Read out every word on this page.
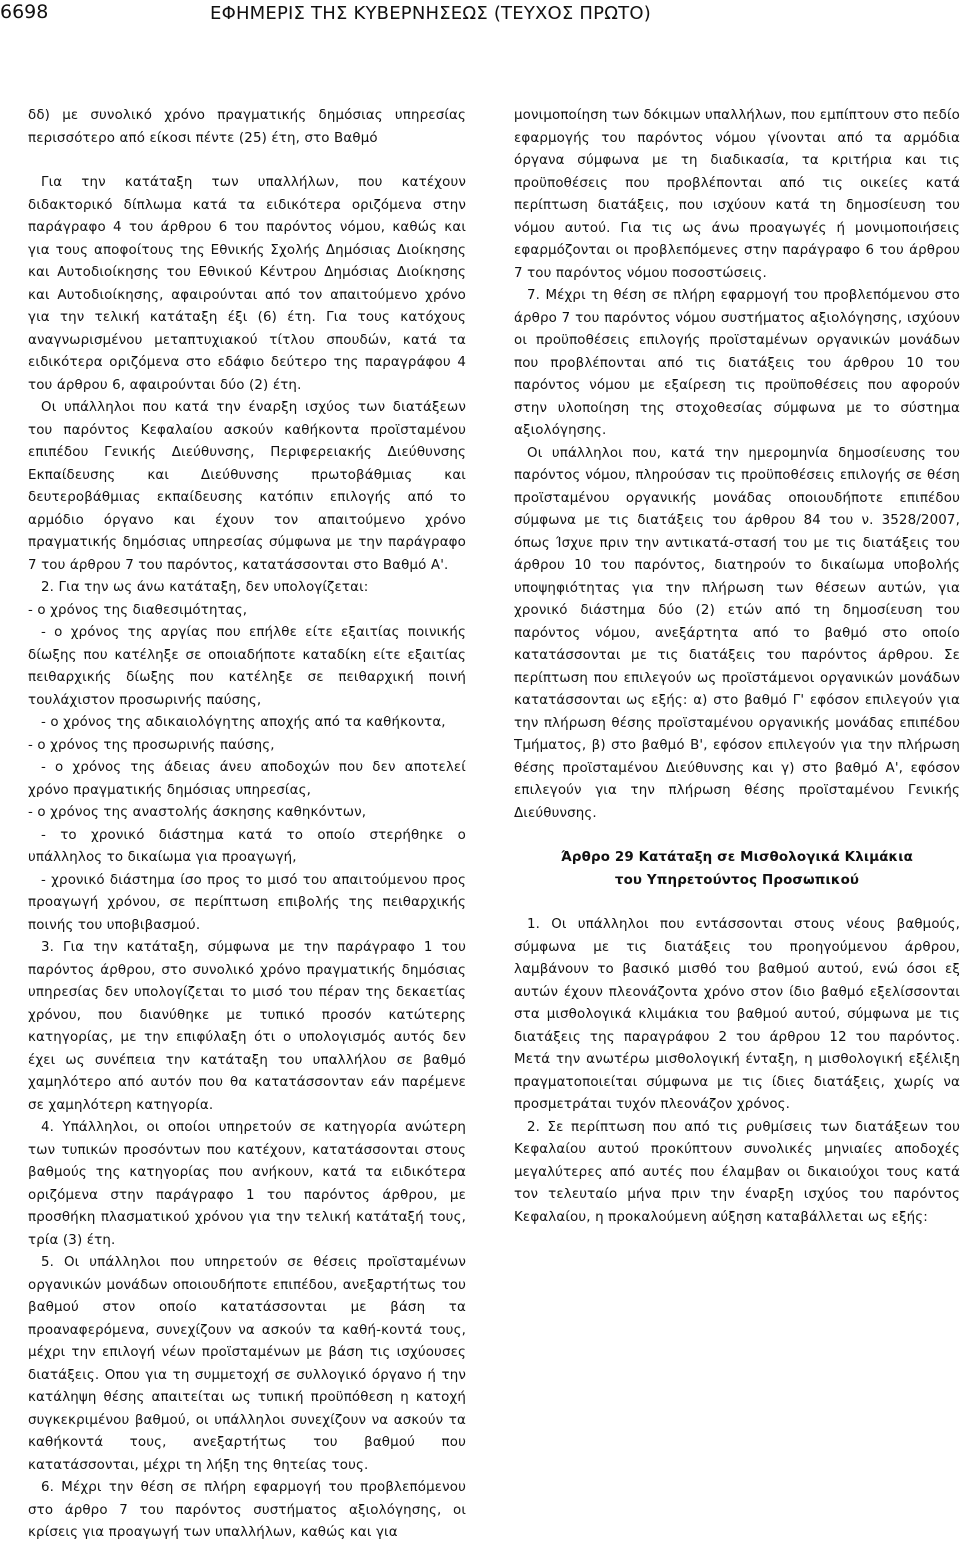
6698	ΕΦΗΜΕΡΙΣ ΤΗΣ ΚΥΒΕΡΝΗΣΕΩΣ (ΤΕΥΧΟΣ ΠΡΩΤΟ)

δδ) με συνολικό χρόνο πραγματικής δημόσιας υπηρεσίας περισσότερο από είκοσι πέντε (25) έτη, στο Βαθμό

Για την κατάταξη των υπαλλήλων, που κατέχουν διδακτορικό δίπλωμα κατά τα ειδικότερα οριζόμενα στην παράγραφο 4 του άρθρου 6 του παρόντος νόμου, καθώς και για τους αποφοίτους της Εθνικής Σχολής Δημόσιας Διοίκησης και Αυτοδιοίκησης του Εθνικού Κέντρου Δημόσιας Διοίκησης και Αυτοδιοίκησης, αφαιρούνται από τον απαιτούμενο χρόνο για την τελική κατάταξη έξι (6) έτη. Για τους κατόχους αναγνωρισμένου μεταπτυχιακού τίτλου σπουδών, κατά τα ειδικότερα οριζόμενα στο εδάφιο δεύτερο της παραγράφου 4 του άρθρου 6, αφαιρούνται δύο (2) έτη.

Οι υπάλληλοι που κατά την έναρξη ισχύος των διατάξεων του παρόντος Κεφαλαίου ασκούν καθήκοντα προϊσταμένου επιπέδου Γενικής Διεύθυνσης, Περιφερειακής Διεύθυνσης Εκπαίδευσης και Διεύθυνσης πρωτοβάθμιας και δευτεροβάθμιας εκπαίδευσης κατόπιν επιλογής από το αρμόδιο όργανο και έχουν τον απαιτούμενο χρόνο πραγματικής δημόσιας υπηρεσίας σύμφωνα με την παράγραφο 7 του άρθρου 7 του παρόντος, κατατάσσονται στο Βαθμό Α'.

2. Για την ως άνω κατάταξη, δεν υπολογίζεται:

- ο χρόνος της διαθεσιμότητας,

- ο χρόνος της αργίας που επήλθε είτε εξαιτίας ποινικής δίωξης που κατέληξε σε οποιαδήποτε καταδίκη είτε εξαιτίας πειθαρχικής δίωξης που κατέληξε σε πειθαρχική ποινή τουλάχιστον προσωρινής παύσης,

- ο χρόνος της αδικαιολόγητης αποχής από τα καθήκοντα,

- ο χρόνος της προσωρινής παύσης,

- ο χρόνος της άδειας άνευ αποδοχών που δεν αποτελεί χρόνο πραγματικής δημόσιας υπηρεσίας,

- ο χρόνος της αναστολής άσκησης καθηκόντων,

- το χρονικό διάστημα κατά το οποίο στερήθηκε ο υπάλληλος το δικαίωμα για προαγωγή,

- χρονικό διάστημα ίσο προς το μισό του απαιτούμενου προς προαγωγή χρόνου, σε περίπτωση επιβολής της πειθαρχικής ποινής του υποβιβασμού.

3. Για την κατάταξη, σύμφωνα με την παράγραφο 1 του παρόντος άρθρου, στο συνολικό χρόνο πραγματικής δημόσιας υπηρεσίας δεν υπολογίζεται το μισό του πέραν της δεκαετίας χρόνου, που διανύθηκε με τυπικό προσόν κατώτερης κατηγορίας, με την επιφύλαξη ότι ο υπολογισμός αυτός δεν έχει ως συνέπεια την κατάταξη του υπαλλήλου σε βαθμό χαμηλότερο από αυτόν που θα κατατάσσονταν εάν παρέμενε σε χαμηλότερη κατηγορία.

4. Υπάλληλοι, οι οποίοι υπηρετούν σε κατηγορία ανώτερη των τυπικών προσόντων που κατέχουν, κατατάσσονται στους βαθμούς της κατηγορίας που ανήκουν, κατά τα ειδικότερα οριζόμενα στην παράγραφο 1 του παρόντος άρθρου, με προσθήκη πλασματικού χρόνου για την τελική κατάταξή τους, τρία (3) έτη.

5. Οι υπάλληλοι που υπηρετούν σε θέσεις προϊσταμένων οργανικών μονάδων οποιουδήποτε επιπέδου, ανεξαρτήτως του βαθμού στον οποίο κατατάσσονται με βάση τα προαναφερόμενα, συνεχίζουν να ασκούν τα καθή-κοντά τους, μέχρι την επιλογή νέων προϊσταμένων με βάση τις ισχύουσες διατάξεις. Οπου για τη συμμετοχή σε συλλογικό όργανο ή την κατάληψη θέσης απαιτείται ως τυπική προϋπόθεση η κατοχή συγκεκριμένου βαθμού, οι υπάλληλοι συνεχίζουν να ασκούν τα καθήκοντά τους, ανεξαρτήτως του βαθμού που κατατάσσονται, μέχρι τη λήξη της θητείας τους.

6. Μέχρι την θέση σε πλήρη εφαρμογή του προβλεπόμενου στο άρθρο 7 του παρόντος συστήματος αξιολόγησης, οι κρίσεις για προαγωγή των υπαλλήλων, καθώς και για

μονιμοποίηση των δόκιμων υπαλλήλων, που εμπίπτουν στο πεδίο εφαρμογής του παρόντος νόμου γίνονται από τα αρμόδια όργανα σύμφωνα με τη διαδικασία, τα κριτήρια και τις προϋποθέσεις που προβλέπονται από τις οικείες κατά περίπτωση διατάξεις, που ισχύουν κατά τη δημοσίευση του νόμου αυτού. Για τις ως άνω προαγωγές ή μονιμοποιήσεις εφαρμόζονται οι προβλεπόμενες στην παράγραφο 6 του άρθρου 7 του παρόντος νόμου ποσοστώσεις.

7. Μέχρι τη θέση σε πλήρη εφαρμογή του προβλεπόμενου στο άρθρο 7 του παρόντος νόμου συστήματος αξιολόγησης, ισχύουν οι προϋποθέσεις επιλογής προϊσταμένων οργανικών μονάδων που προβλέπονται από τις διατάξεις του άρθρου 10 του παρόντος νόμου με εξαίρεση τις προϋποθέσεις που αφορούν στην υλοποίηση της στοχοθεσίας σύμφωνα με το σύστημα αξιολόγησης.

Οι υπάλληλοι που, κατά την ημερομηνία δημοσίευσης του παρόντος νόμου, πληρούσαν τις προϋποθέσεις επιλογής σε θέση προϊσταμένου οργανικής μονάδας οποιουδήποτε επιπέδου σύμφωνα με τις διατάξεις του άρθρου 84 του ν. 3528/2007, όπως Ίσχυε πριν την αντικατά-στασή του με τις διατάξεις του άρθρου 10 του παρόντος, διατηρούν το δικαίωμα υποβολής υποψηφιότητας για την πλήρωση των θέσεων αυτών, για χρονικό διάστημα δύο (2) ετών από τη δημοσίευση του παρόντος νόμου, ανεξάρτητα από το βαθμό στο οποίο κατατάσσονται με τις διατάξεις του παρόντος άρθρου. Σε περίπτωση που επιλεγούν ως προϊστάμενοι οργανικών μονάδων κατατάσσονται ως εξής: α) στο βαθμό Γ' εφόσον επιλεγούν για την πλήρωση θέσης προϊσταμένου οργανικής μονάδας επιπέδου Τμήματος, β) στο βαθμό Β', εφόσον επιλεγούν για την πλήρωση θέσης προϊσταμένου Διεύθυνσης και γ) στο βαθμό Α', εφόσον επιλεγούν για την πλήρωση θέσης προϊσταμένου Γενικής Διεύθυνσης.

Άρθρο 29 Κατάταξη σε Μισθολογικά Κλιμάκια
του Υπηρετούντος Προσωπικού

1. Οι υπάλληλοι που εντάσσονται στους νέους βαθμούς, σύμφωνα με τις διατάξεις του προηγούμενου άρθρου, λαμβάνουν το βασικό μισθό του βαθμού αυτού, ενώ όσοι εξ αυτών έχουν πλεονάζοντα χρόνο στον ίδιο βαθμό εξελίσσονται στα μισθολογικά κλιμάκια του βαθμού αυτού, σύμφωνα με τις διατάξεις της παραγράφου 2 του άρθρου 12 του παρόντος. Μετά την ανωτέρω μισθολογική ένταξη, η μισθολογική εξέλιξη πραγματοποιείται σύμφωνα με τις ίδιες διατάξεις, χωρίς να προσμετράται τυχόν πλεονάζον χρόνος.

2. Σε περίπτωση που από τις ρυθμίσεις των διατάξεων του Κεφαλαίου αυτού προκύπτουν συνολικές μηνιαίες αποδοχές μεγαλύτερες από αυτές που έλαμβαν οι δικαιούχοι τους κατά τον τελευταίο μήνα πριν την έναρξη ισχύος του παρόντος Κεφαλαίου, η προκαλούμενη αύξηση καταβάλλεται ως εξής:
